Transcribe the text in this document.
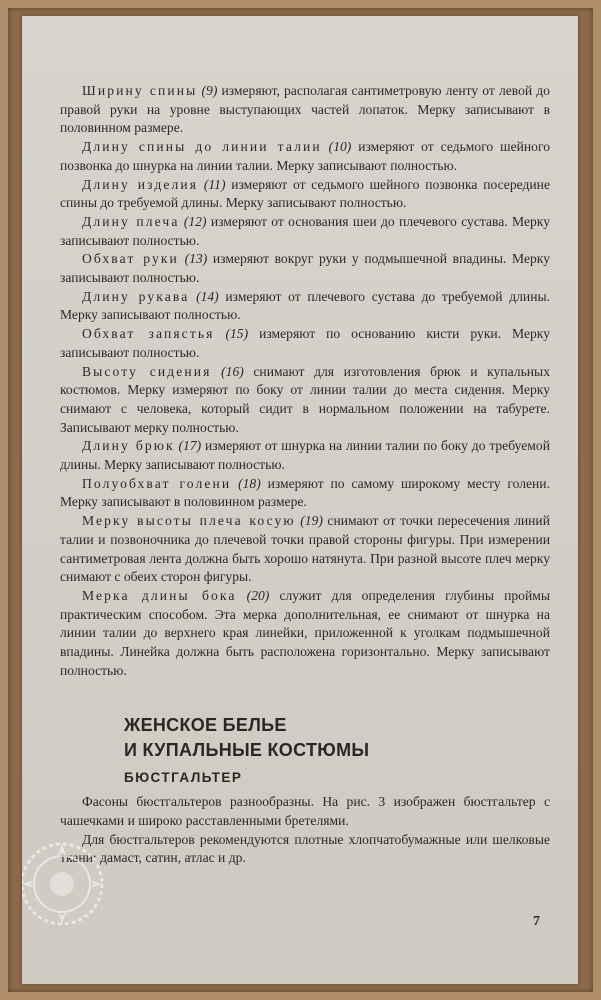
Ширину спины (9) измеряют, располагая сантиметровую ленту от левой до правой руки на уровне выступающих частей лопаток. Мерку записывают в половинном размере.

Длину спины до линии талии (10) измеряют от седьмого шейного позвонка до шнурка на линии талии. Мерку записывают полностью.

Длину изделия (11) измеряют от седьмого шейного позвонка посередине спины до требуемой длины. Мерку записывают полностью.

Длину плеча (12) измеряют от основания шеи до плечевого сустава. Мерку записывают полностью.

Обхват руки (13) измеряют вокруг руки у подмышечной впадины. Мерку записывают полностью.

Длину рукава (14) измеряют от плечевого сустава до требуемой длины. Мерку записывают полностью.

Обхват запястья (15) измеряют по основанию кисти руки. Мерку записывают полностью.

Высоту сидения (16) снимают для изготовления брюк и купальных костюмов. Мерку измеряют по боку от линии талии до места сидения. Мерку снимают с человека, который сидит в нормальном положении на табурете. Записывают мерку полностью.

Длину брюк (17) измеряют от шнурка на линии талии по боку до требуемой длины. Мерку записывают полностью.

Полуобхват голени (18) измеряют по самому широкому месту голени. Мерку записывают в половинном размере.

Мерку высоты плеча косую (19) снимают от точки пересечения линий талии и позвоночника до плечевой точки правой стороны фигуры. При измерении сантиметровая лента должна быть хорошо натянута. При разной высоте плеч мерку снимают с обеих сторон фигуры.

Мерка длины бока (20) служит для определения глубины проймы практическим способом. Эта мерка дополнительная, ее снимают от шнурка на линии талии до верхнего края линейки, приложенной к уголкам подмышечной впадины. Линейка должна быть расположена горизонтально. Мерку записывают полностью.

ЖЕНСКОЕ БЕЛЬЕ
И КУПАЛЬНЫЕ КОСТЮМЫ
БЮСТГАЛЬТЕР

Фасоны бюстгальтеров разнообразны. На рис. 3 изображен бюстгальтер с чашечками и широко расставленными бретелями.

Для бюстгальтеров рекомендуются плотные хлопчатобумажные или шелковые ткани: дамаст, сатин, атлас и др.

7
